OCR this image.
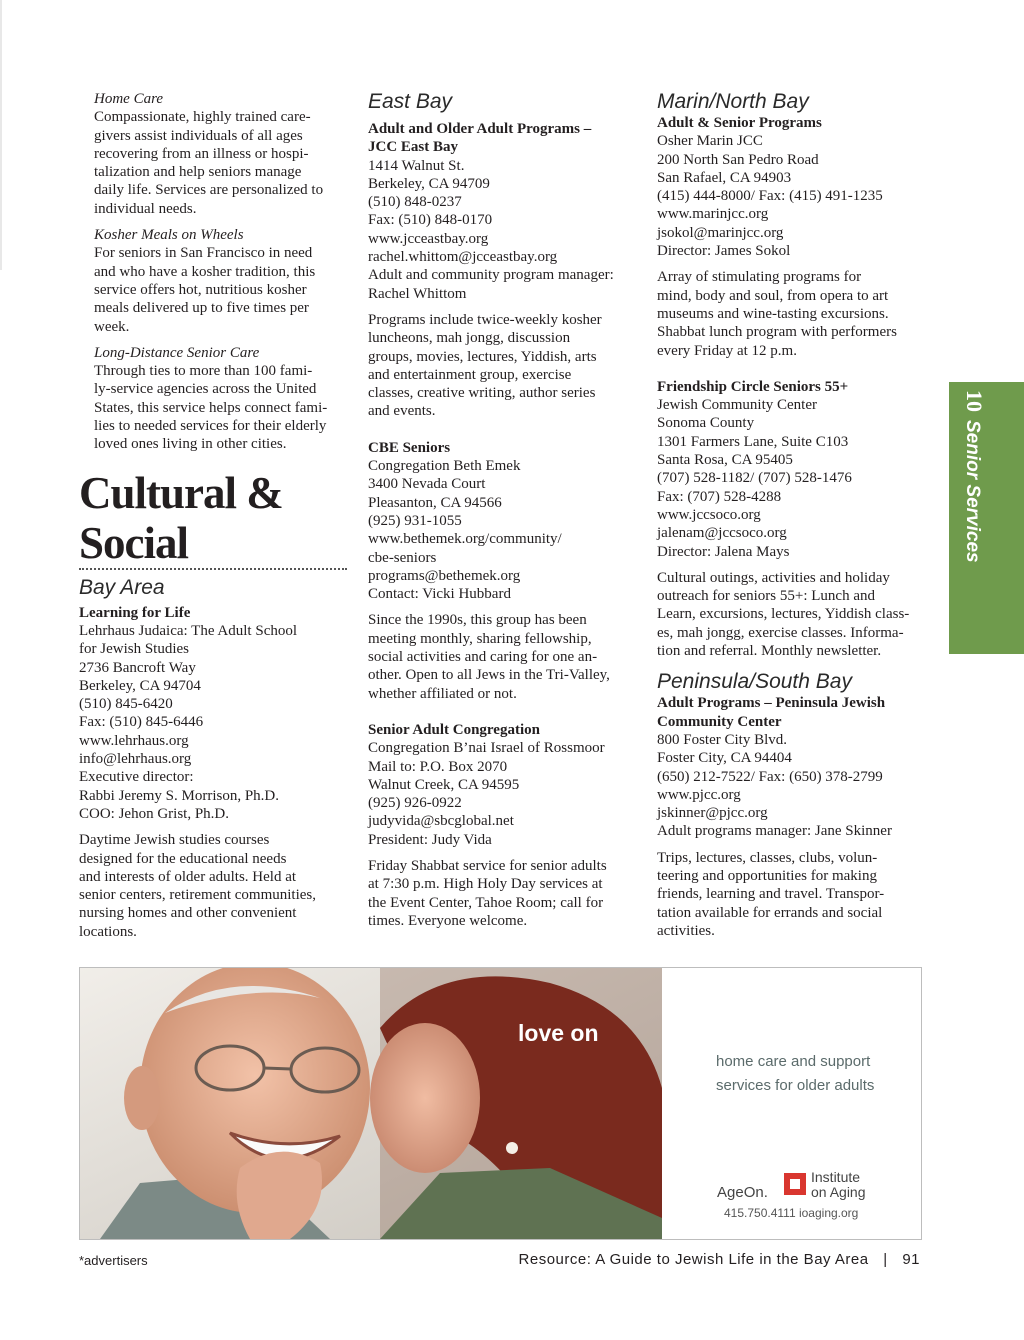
Home Care
Compassionate, highly trained care-
givers assist individuals of all ages
recovering from an illness or hospi-
talization and help seniors manage
daily life. Services are personalized to
individual needs.
Kosher Meals on Wheels
For seniors in San Francisco in need
and who have a kosher tradition, this
service offers hot, nutritious kosher
meals delivered up to five times per
week.
Long-Distance Senior Care
Through ties to more than 100 fami-
ly-service agencies across the United
States, this service helps connect fami-
lies to needed services for their elderly
loved ones living in other cities.
Cultural &
Social
Bay Area
Learning for Life
Lehrhaus Judaica: The Adult School
for Jewish Studies
2736 Bancroft Way
Berkeley, CA 94704
(510) 845-6420
Fax: (510) 845-6446
www.lehrhaus.org
info@lehrhaus.org
Executive director:
Rabbi Jeremy S. Morrison, Ph.D.
COO: Jehon Grist, Ph.D.
Daytime Jewish studies courses
designed for the educational needs
and interests of older adults. Held at
senior centers, retirement communities,
nursing homes and other convenient
locations.
East Bay
Adult and Older Adult Programs –
JCC East Bay
1414 Walnut St.
Berkeley, CA 94709
(510) 848-0237
Fax: (510) 848-0170
www.jcceastbay.org
rachel.whittom@jcceastbay.org
Adult and community program manager:
Rachel Whittom
Programs include twice-weekly kosher
luncheons, mah jongg, discussion
groups, movies, lectures, Yiddish, arts
and entertainment group, exercise
classes, creative writing, author series
and events.
CBE Seniors
Congregation Beth Emek
3400 Nevada Court
Pleasanton, CA 94566
(925) 931-1055
www.bethemek.org/community/
cbe-seniors
programs@bethemek.org
Contact: Vicki Hubbard
Since the 1990s, this group has been
meeting monthly, sharing fellowship,
social activities and caring for one an-
other. Open to all Jews in the Tri-Valley,
whether affiliated or not.
Senior Adult Congregation
Congregation B’nai Israel of Rossmoor
Mail to: P.O. Box 2070
Walnut Creek, CA 94595
(925) 926-0922
judyvida@sbcglobal.net
President: Judy Vida
Friday Shabbat service for senior adults
at 7:30 p.m. High Holy Day services at
the Event Center, Tahoe Room; call for
times. Everyone welcome.
Marin/North Bay
Adult & Senior Programs
Osher Marin JCC
200 North San Pedro Road
San Rafael, CA 94903
(415) 444-8000/ Fax: (415) 491-1235
www.marinjcc.org
jsokol@marinjcc.org
Director: James Sokol
Array of stimulating programs for
mind, body and soul, from opera to art
museums and wine-tasting excursions.
Shabbat lunch program with performers
every Friday at 12 p.m.
Friendship Circle Seniors 55+
Jewish Community Center
Sonoma County
1301 Farmers Lane, Suite C103
Santa Rosa, CA 95405
(707) 528-1182/ (707) 528-1476
Fax: (707) 528-4288
www.jccsoco.org
jalenam@jccsoco.org
Director: Jalena Mays
Cultural outings, activities and holiday
outreach for seniors 55+: Lunch and
Learn, excursions, lectures, Yiddish class-
es, mah jongg, exercise classes. Informa-
tion and referral. Monthly newsletter.
Peninsula/South Bay
Adult Programs – Peninsula Jewish
Community Center
800 Foster City Blvd.
Foster City, CA 94404
(650) 212-7522/ Fax: (650) 378-2799
www.pjcc.org
jskinner@pjcc.org
Adult programs manager: Jane Skinner
Trips, lectures, classes, clubs, volun-
teering and opportunities for making
friends, learning and travel. Transpor-
tation available for errands and social
activities.
10Senior Services
love on
home care and support
services for older adults
AgeOn.
Institute
on Aging
415.750.4111 ioaging.org
*advertisers	Resource: A Guide to Jewish Life in the Bay Area | 91
